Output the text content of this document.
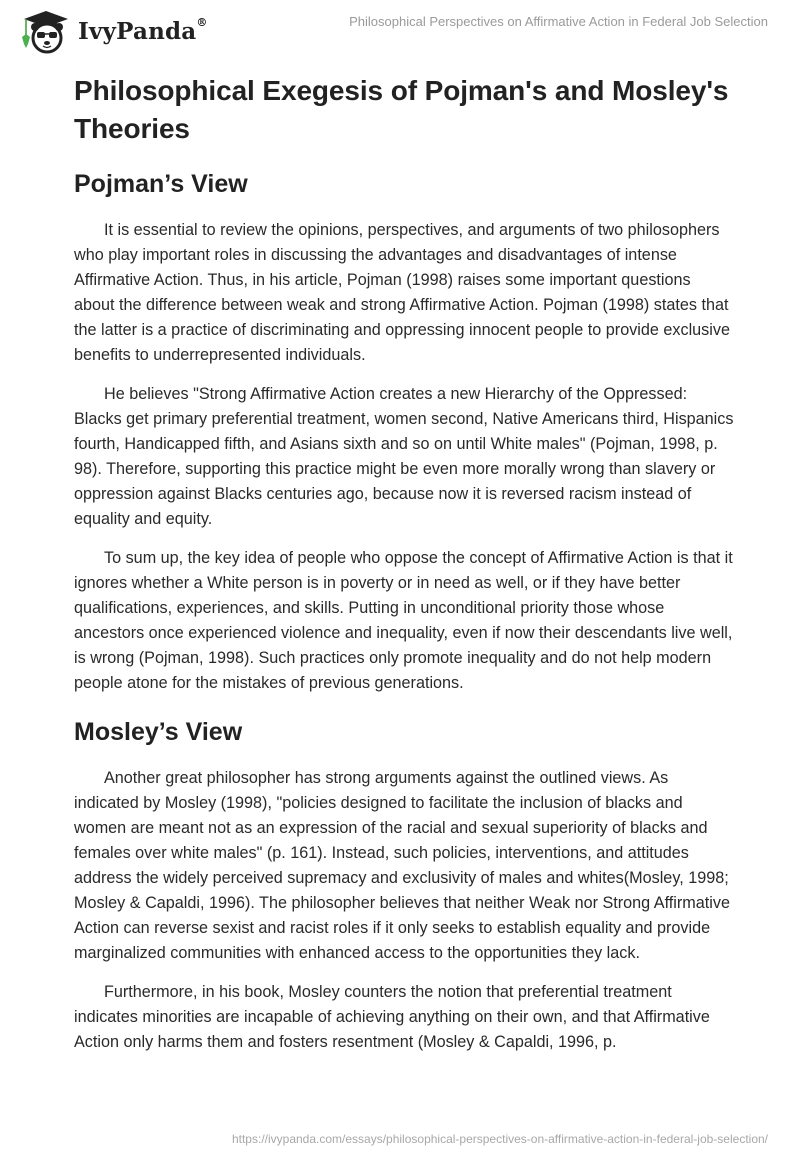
IvyPanda®	Philosophical Perspectives on Affirmative Action in Federal Job Selection
Philosophical Exegesis of Pojman's and Mosley's Theories
Pojman’s View

It is essential to review the opinions, perspectives, and arguments of two philosophers who play important roles in discussing the advantages and disadvantages of intense Affirmative Action. Thus, in his article, Pojman (1998) raises some important questions about the difference between weak and strong Affirmative Action. Pojman (1998) states that the latter is a practice of discriminating and oppressing innocent people to provide exclusive benefits to underrepresented individuals.

He believes "Strong Affirmative Action creates a new Hierarchy of the Oppressed: Blacks get primary preferential treatment, women second, Native Americans third, Hispanics fourth, Handicapped fifth, and Asians sixth and so on until White males" (Pojman, 1998, p. 98). Therefore, supporting this practice might be even more morally wrong than slavery or oppression against Blacks centuries ago, because now it is reversed racism instead of equality and equity.

To sum up, the key idea of people who oppose the concept of Affirmative Action is that it ignores whether a White person is in poverty or in need as well, or if they have better qualifications, experiences, and skills. Putting in unconditional priority those whose ancestors once experienced violence and inequality, even if now their descendants live well, is wrong (Pojman, 1998). Such practices only promote inequality and do not help modern people atone for the mistakes of previous generations.

Mosley’s View

Another great philosopher has strong arguments against the outlined views. As indicated by Mosley (1998), "policies designed to facilitate the inclusion of blacks and women are meant not as an expression of the racial and sexual superiority of blacks and females over white males" (p. 161). Instead, such policies, interventions, and attitudes address the widely perceived supremacy and exclusivity of males and whites(Mosley, 1998; Mosley & Capaldi, 1996). The philosopher believes that neither Weak nor Strong Affirmative Action can reverse sexist and racist roles if it only seeks to establish equality and provide marginalized communities with enhanced access to the opportunities they lack.

Furthermore, in his book, Mosley counters the notion that preferential treatment indicates minorities are incapable of achieving anything on their own, and that Affirmative Action only harms them and fosters resentment (Mosley & Capaldi, 1996, p.

https://ivypanda.com/essays/philosophical-perspectives-on-affirmative-action-in-federal-job-selection/
